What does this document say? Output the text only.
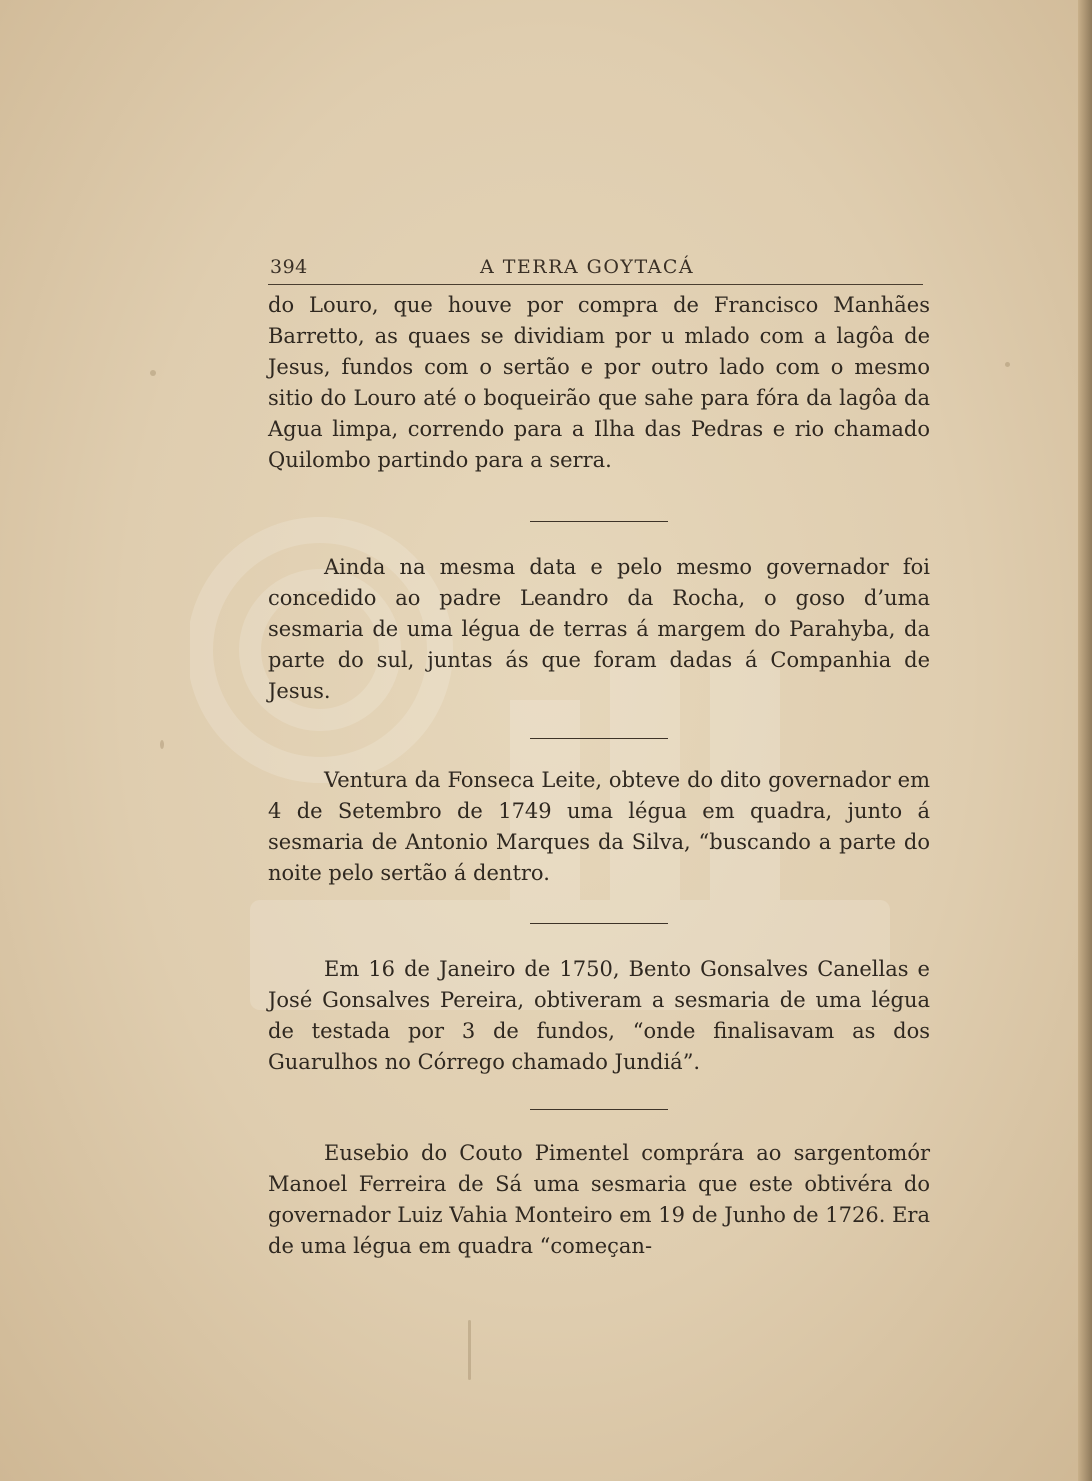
394	A TERRA GOYTACÁ

do Louro, que houve por compra de Francisco Manhães Barretto, as quaes se dividiam por u mlado com a lagôa de Jesus, fundos com o sertão e por outro lado com o mesmo sitio do Louro até o boqueirão que sahe para fóra da lagôa da Agua limpa, correndo para a Ilha das Pedras e rio chamado Quilombo partindo para a serra.

Ainda na mesma data e pelo mesmo governador foi concedido ao padre Leandro da Rocha, o goso d’uma sesmaria de uma légua de terras á margem do Parahyba, da parte do sul, juntas ás que foram dadas á Companhia de Jesus.

Ventura da Fonseca Leite, obteve do dito governador em 4 de Setembro de 1749 uma légua em quadra, junto á sesmaria de Antonio Marques da Silva, “buscando a parte do noite pelo sertão á dentro.

Em 16 de Janeiro de 1750, Bento Gonsalves Canellas e José Gonsalves Pereira, obtiveram a sesmaria de uma légua de testada por 3 de fundos, “onde finalisavam as dos Guarulhos no Córrego chamado Jundiá”.

Eusebio do Couto Pimentel comprára ao sargentomór Manoel Ferreira de Sá uma sesmaria que este obtivéra do governador Luiz Vahia Monteiro em 19 de Junho de 1726. Era de uma légua em quadra “começan-
